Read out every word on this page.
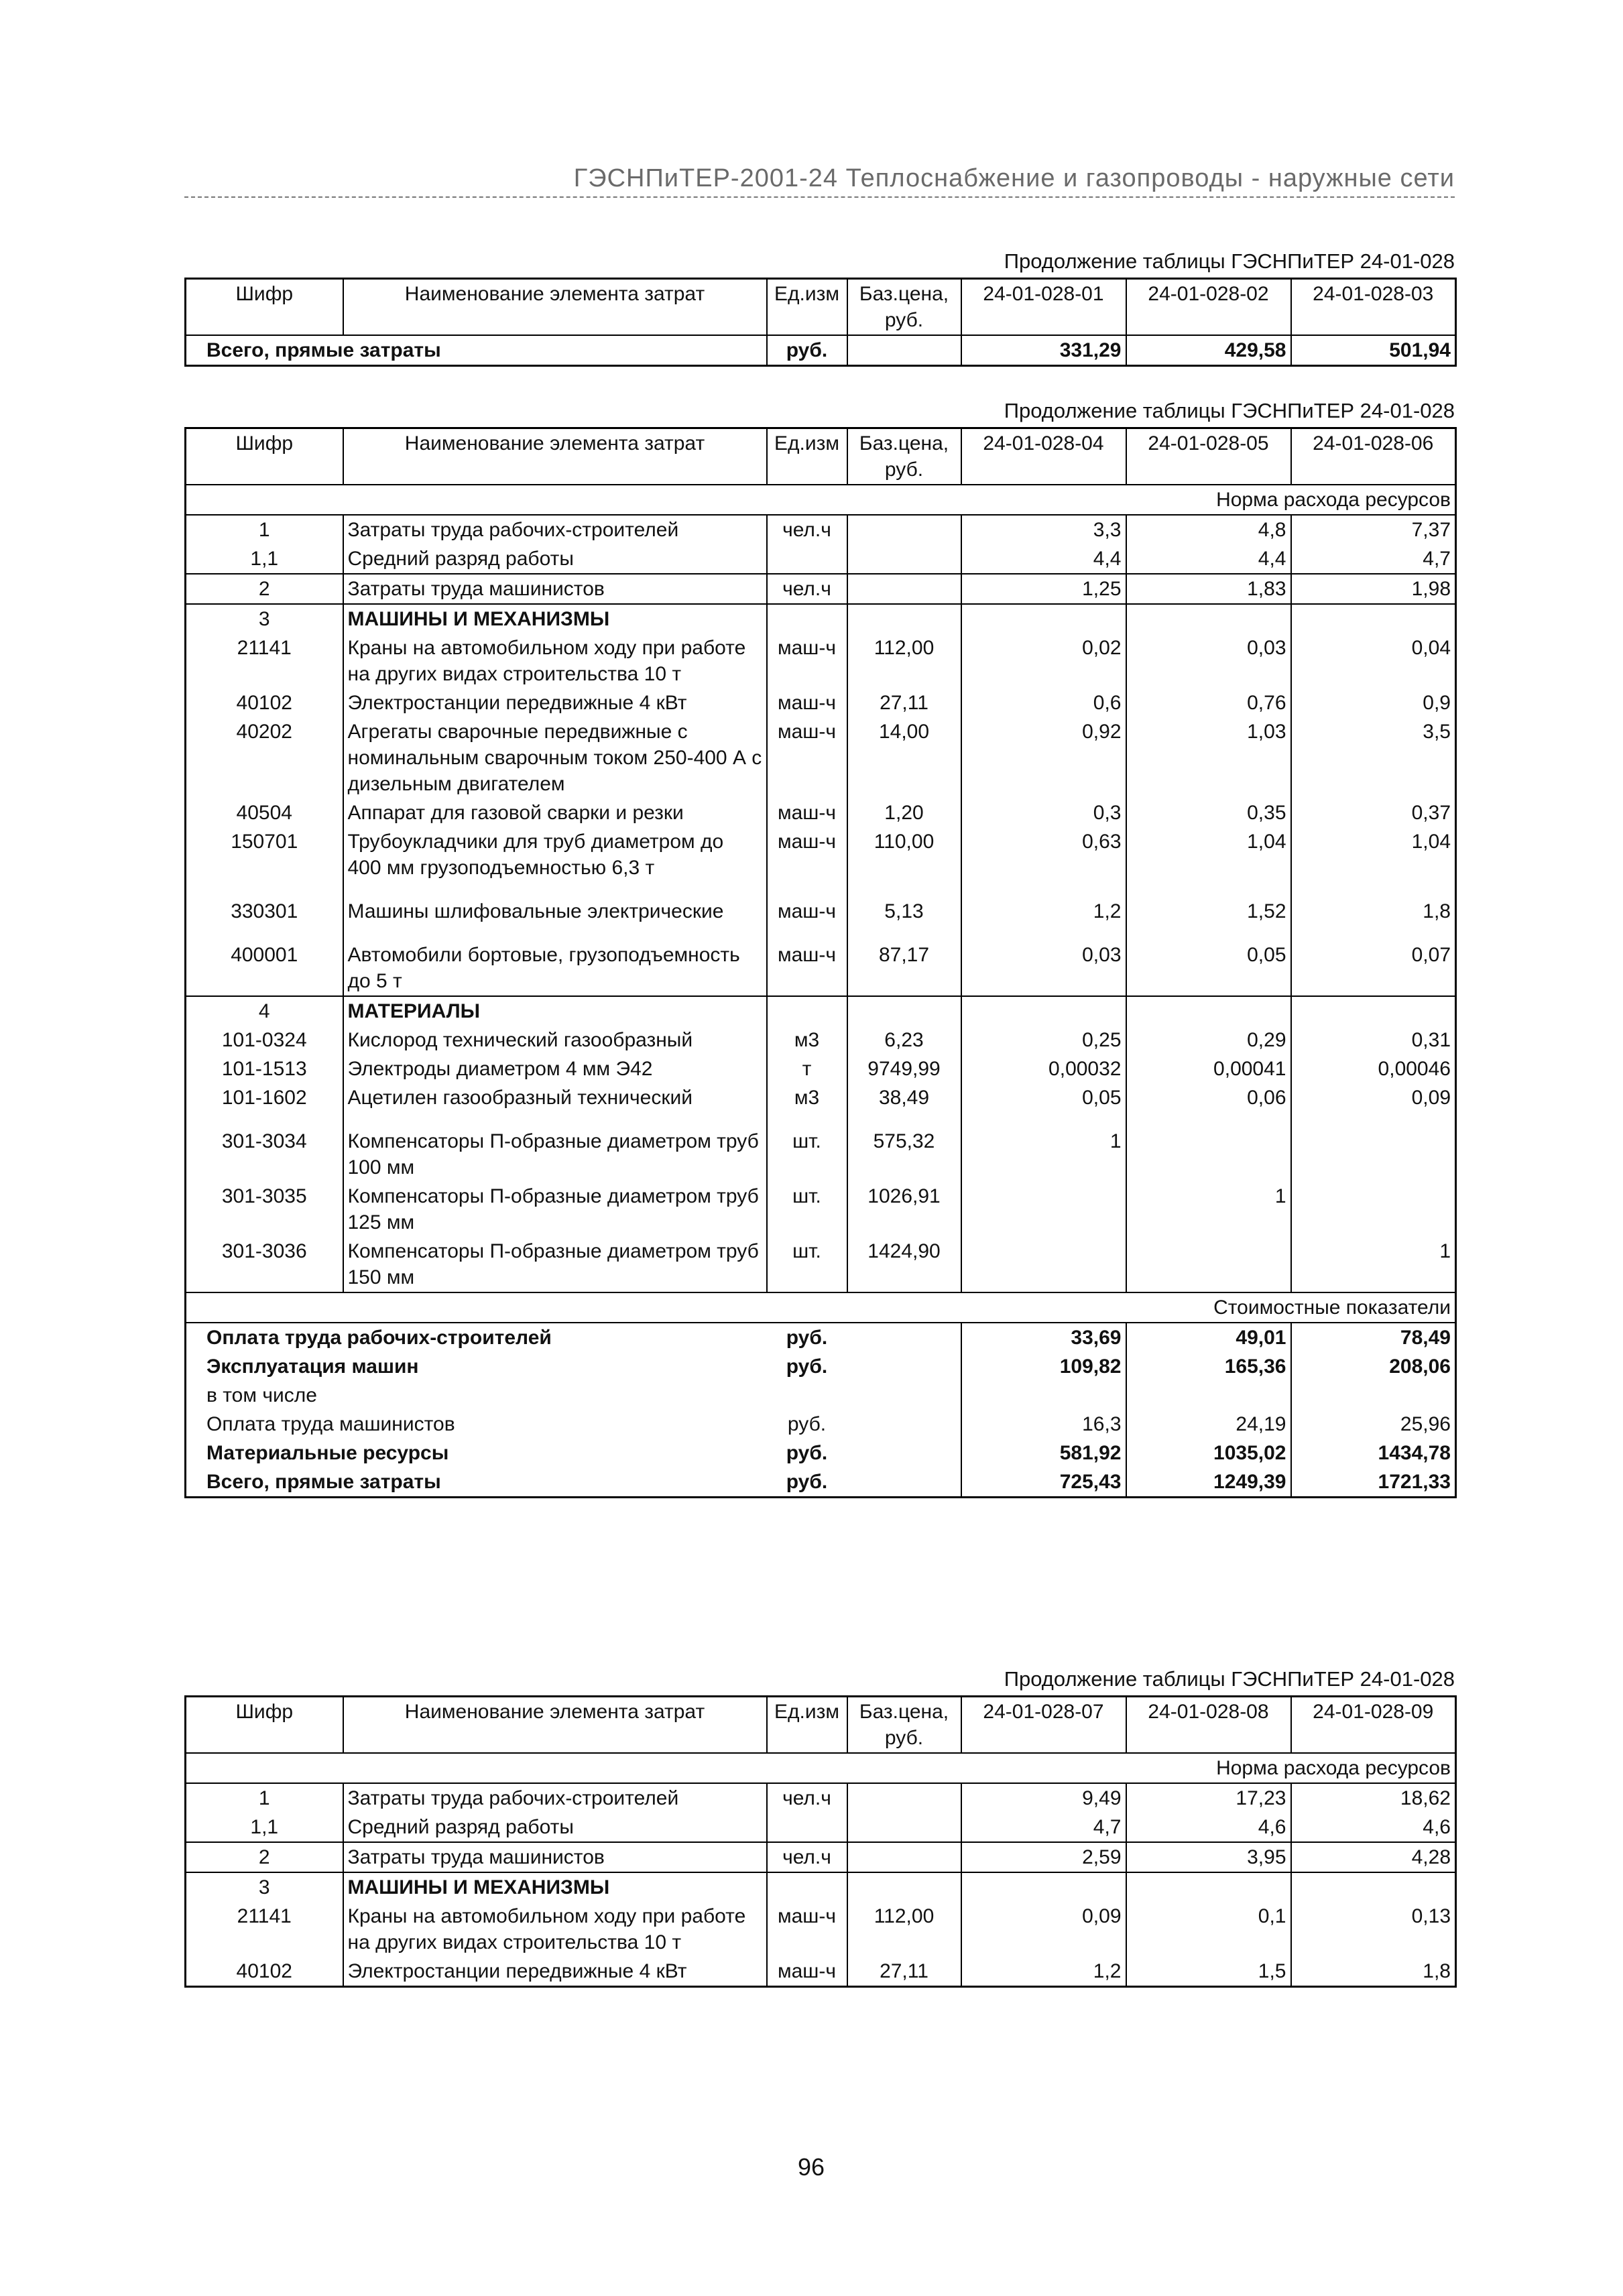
ГЭСНПиТЕР-2001-24 Теплоснабжение и газопроводы - наружные сети
Продолжение таблицы ГЭСНПиТЕР 24-01-028
Шифр	Наименование элемента затрат	Ед.изм	Баз.цена, руб.	24-01-028-01	24-01-028-02	24-01-028-03
Всего, прямые затраты		руб.		331,29	429,58	501,94
Продолжение таблицы ГЭСНПиТЕР 24-01-028
Шифр	Наименование элемента затрат	Ед.изм	Баз.цена, руб.	24-01-028-04	24-01-028-05	24-01-028-06
Норма расхода ресурсов						
1	Затраты труда рабочих-строителей	чел.ч		3,3	4,8	7,37
1,1	Средний разряд работы			4,4	4,4	4,7
2	Затраты труда машинистов	чел.ч		1,25	1,83	1,98
3	МАШИНЫ И МЕХАНИЗМЫ					
21141	Краны на автомобильном ходу при работе на других видах строительства 10 т	маш-ч	112,00	0,02	0,03	0,04
40102	Электростанции передвижные 4 кВт	маш-ч	27,11	0,6	0,76	0,9
40202	Агрегаты сварочные передвижные с номинальным сварочным током 250-400 А с дизельным двигателем	маш-ч	14,00	0,92	1,03	3,5
40504	Аппарат для газовой сварки и резки	маш-ч	1,20	0,3	0,35	0,37
150701	Трубоукладчики для труб диаметром до 400 мм грузоподъемностью 6,3 т	маш-ч	110,00	0,63	1,04	1,04
330301	Машины шлифовальные электрические	маш-ч	5,13	1,2	1,52	1,8
400001	Автомобили бортовые, грузоподъемность до 5 т	маш-ч	87,17	0,03	0,05	0,07
4	МАТЕРИАЛЫ					
101-0324	Кислород технический газообразный	м3	6,23	0,25	0,29	0,31
101-1513	Электроды диаметром 4 мм Э42	т	9749,99	0,00032	0,00041	0,00046
101-1602	Ацетилен газообразный технический	м3	38,49	0,05	0,06	0,09
301-3034	Компенсаторы П-образные диаметром труб 100 мм	шт.	575,32	1		
301-3035	Компенсаторы П-образные диаметром труб 125 мм	шт.	1026,91		1	
301-3036	Компенсаторы П-образные диаметром труб 150 мм	шт.	1424,90			1
Стоимостные показатели						
Оплата труда рабочих-строителей		руб.		33,69	49,01	78,49
Эксплуатация машин		руб.		109,82	165,36	208,06
в том числе						
Оплата труда машинистов		руб.		16,3	24,19	25,96
Материальные ресурсы		руб.		581,92	1035,02	1434,78
Всего, прямые затраты		руб.		725,43	1249,39	1721,33
Продолжение таблицы ГЭСНПиТЕР 24-01-028
Шифр	Наименование элемента затрат	Ед.изм	Баз.цена, руб.	24-01-028-07	24-01-028-08	24-01-028-09
Норма расхода ресурсов						
1	Затраты труда рабочих-строителей	чел.ч		9,49	17,23	18,62
1,1	Средний разряд работы			4,7	4,6	4,6
2	Затраты труда машинистов	чел.ч		2,59	3,95	4,28
3	МАШИНЫ И МЕХАНИЗМЫ					
21141	Краны на автомобильном ходу при работе на других видах строительства 10 т	маш-ч	112,00	0,09	0,1	0,13
40102	Электростанции передвижные 4 кВт	маш-ч	27,11	1,2	1,5	1,8
96
